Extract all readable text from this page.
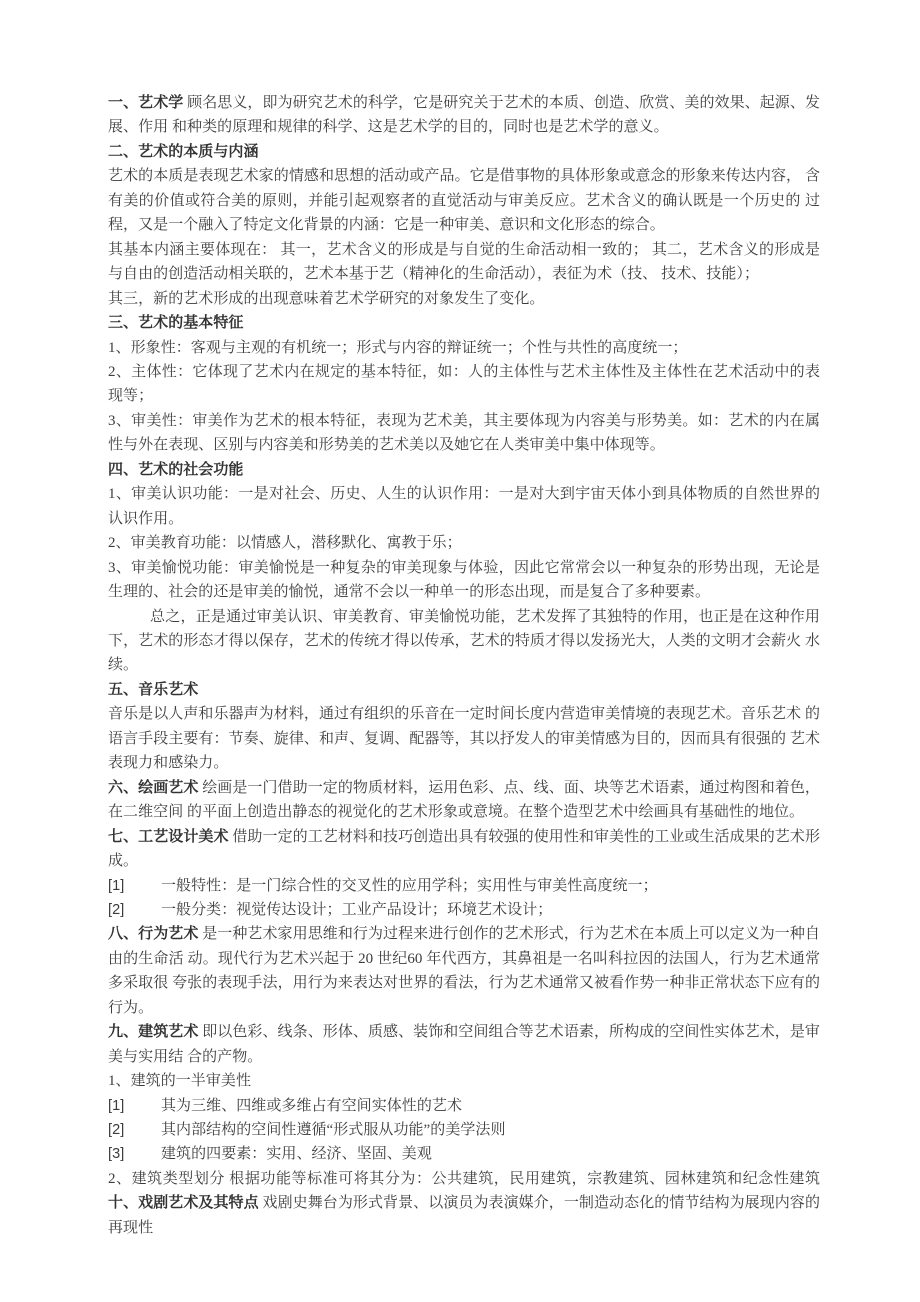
一、艺术学 顾名思义，即为研究艺术的科学，它是研究关于艺术的本质、创造、欣赏、美的效果、起源、发展、作用 和种类的原理和规律的科学、这是艺术学的目的，同时也是艺术学的意义。

二、艺术的本质与内涵

艺术的本质是表现艺术家的情感和思想的活动或产品。它是借事物的具体形象或意念的形象来传达内容， 含有美的价值或符合美的原则，并能引起观察者的直觉活动与审美反应。艺术含义的确认既是一个历史的 过程，又是一个融入了特定文化背景的内涵：它是一种审美、意识和文化形态的综合。

其基本内涵主要体现在： 其一，艺术含义的形成是与自觉的生命活动相一致的； 其二，艺术含义的形成是与自由的创造活动相关联的，艺术本基于艺（精神化的生命活动），表征为术（技、 技术、技能）；

其三，新的艺术形成的出现意味着艺术学研究的对象发生了变化。

三、艺术的基本特征

1、形象性：客观与主观的有机统一；形式与内容的辩证统一；个性与共性的高度统一；

2、主体性：它体现了艺术内在规定的基本特征，如：人的主体性与艺术主体性及主体性在艺术活动中的表 现等；

3、审美性：审美作为艺术的根本特征，表现为艺术美，其主要体现为内容美与形势美。如：艺术的内在属 性与外在表现、区别与内容美和形势美的艺术美以及她它在人类审美中集中体现等。

四、艺术的社会功能

1、审美认识功能：一是对社会、历史、人生的认识作用：一是对大到宇宙天体小到具体物质的自然世界的 认识作用。

2、审美教育功能：以情感人，潜移默化、寓教于乐；

3、审美愉悦功能：审美愉悦是一种复杂的审美现象与体验，因此它常常会以一种复杂的形势出现，无论是 生理的、社会的还是审美的愉悦，通常不会以一种单一的形态出现，而是复合了多种要素。

总之，正是通过审美认识、审美教育、审美愉悦功能，艺术发挥了其独特的作用，也正是在这种作用 下，艺术的形态才得以保存，艺术的传统才得以传承，艺术的特质才得以发扬光大，人类的文明才会薪火 水续。

五、音乐艺术

音乐是以人声和乐器声为材料，通过有组织的乐音在一定时间长度内营造审美情境的表现艺术。音乐艺术 的语言手段主要有：节奏、旋律、和声、复调、配器等，其以抒发人的审美情感为目的，因而具有很强的 艺术表现力和感染力。

六、绘画艺术 绘画是一门借助一定的物质材料，运用色彩、点、线、面、块等艺术语素，通过构图和着色，在二维空间 的平面上创造出静态的视觉化的艺术形象或意境。在整个造型艺术中绘画具有基础性的地位。

七、工艺设计美术 借助一定的工艺材料和技巧创造出具有较强的使用性和审美性的工业或生活成果的艺术形成。

[1] 一般特性：是一门综合性的交叉性的应用学科；实用性与审美性高度统一；

[2] 一般分类：视觉传达设计；工业产品设计；环境艺术设计；

八、行为艺术 是一种艺术家用思维和行为过程来进行创作的艺术形式，行为艺术在本质上可以定义为一种自由的生命活 动。现代行为艺术兴起于 20 世纪60 年代西方，其鼻祖是一名叫科拉因的法国人，行为艺术通常多采取很 夸张的表现手法，用行为来表达对世界的看法，行为艺术通常又被看作势一种非正常状态下应有的行为。

九、建筑艺术 即以色彩、线条、形体、质感、装饰和空间组合等艺术语素，所构成的空间性实体艺术，是审美与实用结 合的产物。

1、建筑的一半审美性

[1] 其为三维、四维或多维占有空间实体性的艺术

[2] 其内部结构的空间性遵循“形式服从功能”的美学法则

[3] 建筑的四要素：实用、经济、坚固、美观

2、建筑类型划分 根据功能等标准可将其分为：公共建筑，民用建筑，宗教建筑、园林建筑和纪念性建筑 十、戏剧艺术及其特点 戏剧史舞台为形式背景、以演员为表演媒介，一制造动态化的情节结构为展现内容的再现性
